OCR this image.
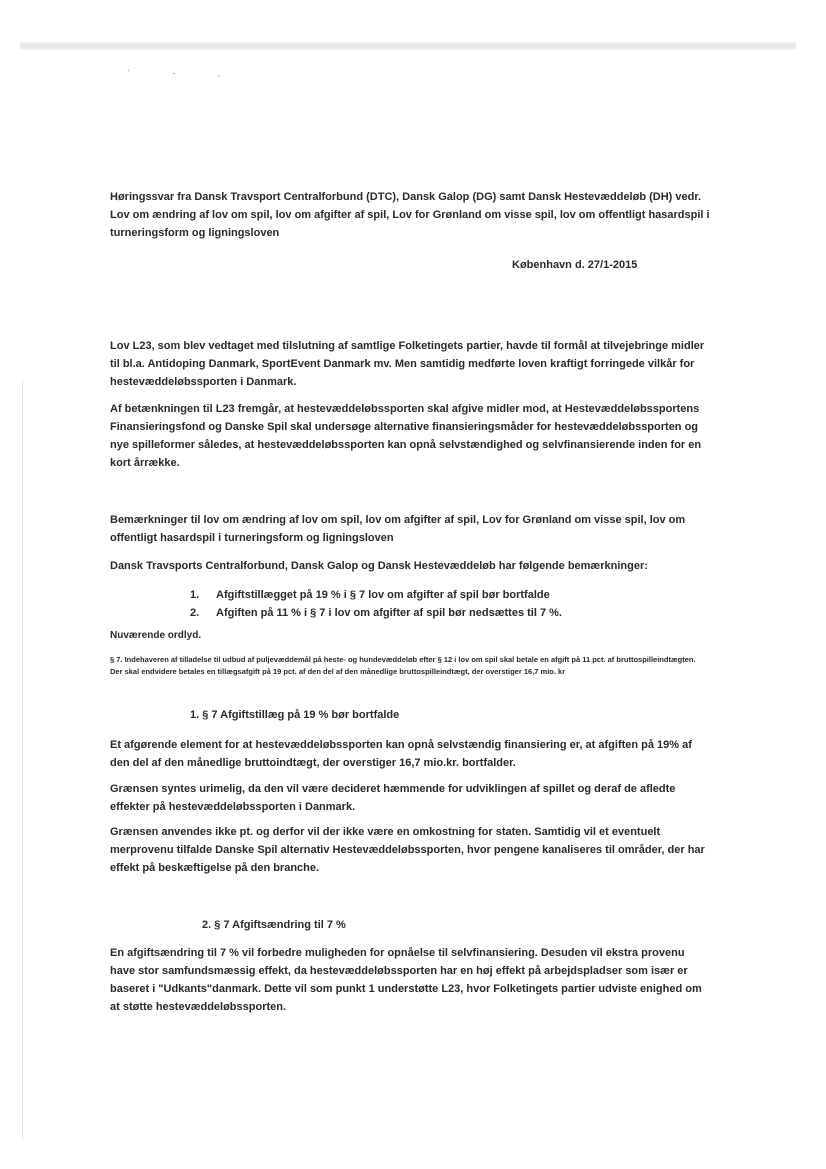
' - ,
Høringssvar fra Dansk Travsport Centralforbund (DTC), Dansk Galop (DG) samt Dansk Hestevæddeløb (DH) vedr. Lov om ændring af lov om spil, lov om afgifter af spil, Lov for Grønland om visse spil, lov om offentligt hasardspil i turneringsform og ligningsloven
København d. 27/1-2015
Lov L23, som blev vedtaget med tilslutning af samtlige Folketingets partier, havde til formål at tilvejebringe midler til bl.a. Antidoping Danmark, SportEvent Danmark mv. Men samtidig medførte loven kraftigt forringede vilkår for hestevæddeløbssporten i Danmark.
Af betænkningen til L23 fremgår, at hestevæddeløbssporten skal afgive midler mod, at Hestevæddeløbssportens Finansieringsfond og Danske Spil skal undersøge alternative finansieringsmåder for hestevæddeløbssporten og nye spilleformer således, at hestevæddeløbssporten kan opnå selvstændighed og selvfinansierende inden for en kort årrække.
Bemærkninger til lov om ændring af lov om spil, lov om afgifter af spil, Lov for Grønland om visse spil, lov om offentligt hasardspil i turneringsform og ligningsloven
Dansk Travsports Centralforbund, Dansk Galop og Dansk Hestevæddeløb har følgende bemærkninger:
1. Afgiftstillægget på 19 % i § 7 lov om afgifter af spil bør bortfalde
2. Afgiften på 11 % i § 7 i lov om afgifter af spil bør nedsættes til 7 %.
Nuværende ordlyd.
§ 7. Indehaveren af tilladelse til udbud af puljevæddemål på heste- og hundevæddeløb efter § 12 i lov om spil skal betale en afgift på 11 pct. af bruttospilleindtægten. Der skal endvidere betales en tillægsafgift på 19 pct. af den del af den månedlige bruttospilleindtægt, der overstiger 16,7 mio. kr
1. § 7 Afgiftstillæg på 19 % bør bortfalde
Et afgørende element for at hestevæddeløbssporten kan opnå selvstændig finansiering er, at afgiften på 19% af den del af den månedlige bruttoindtægt, der overstiger 16,7 mio.kr. bortfalder.
Grænsen syntes urimelig, da den vil være decideret hæmmende for udviklingen af spillet og deraf de afledte effekter på hestevæddeløbssporten i Danmark.
Grænsen anvendes ikke pt. og derfor vil der ikke være en omkostning for staten. Samtidig vil et eventuelt merprovenu tilfalde Danske Spil alternativ Hestevæddeløbssporten, hvor pengene kanaliseres til områder, der har effekt på beskæftigelse på den branche.
2. § 7 Afgiftsændring til 7 %
En afgiftsændring til 7 % vil forbedre muligheden for opnåelse til selvfinansiering. Desuden vil ekstra provenu have stor samfundsmæssig effekt, da hestevæddeløbssporten har en høj effekt på arbejdspladser som især er baseret i "Udkants"danmark. Dette vil som punkt 1 understøtte L23, hvor Folketingets partier udviste enighed om at støtte hestevæddeløbssporten.
